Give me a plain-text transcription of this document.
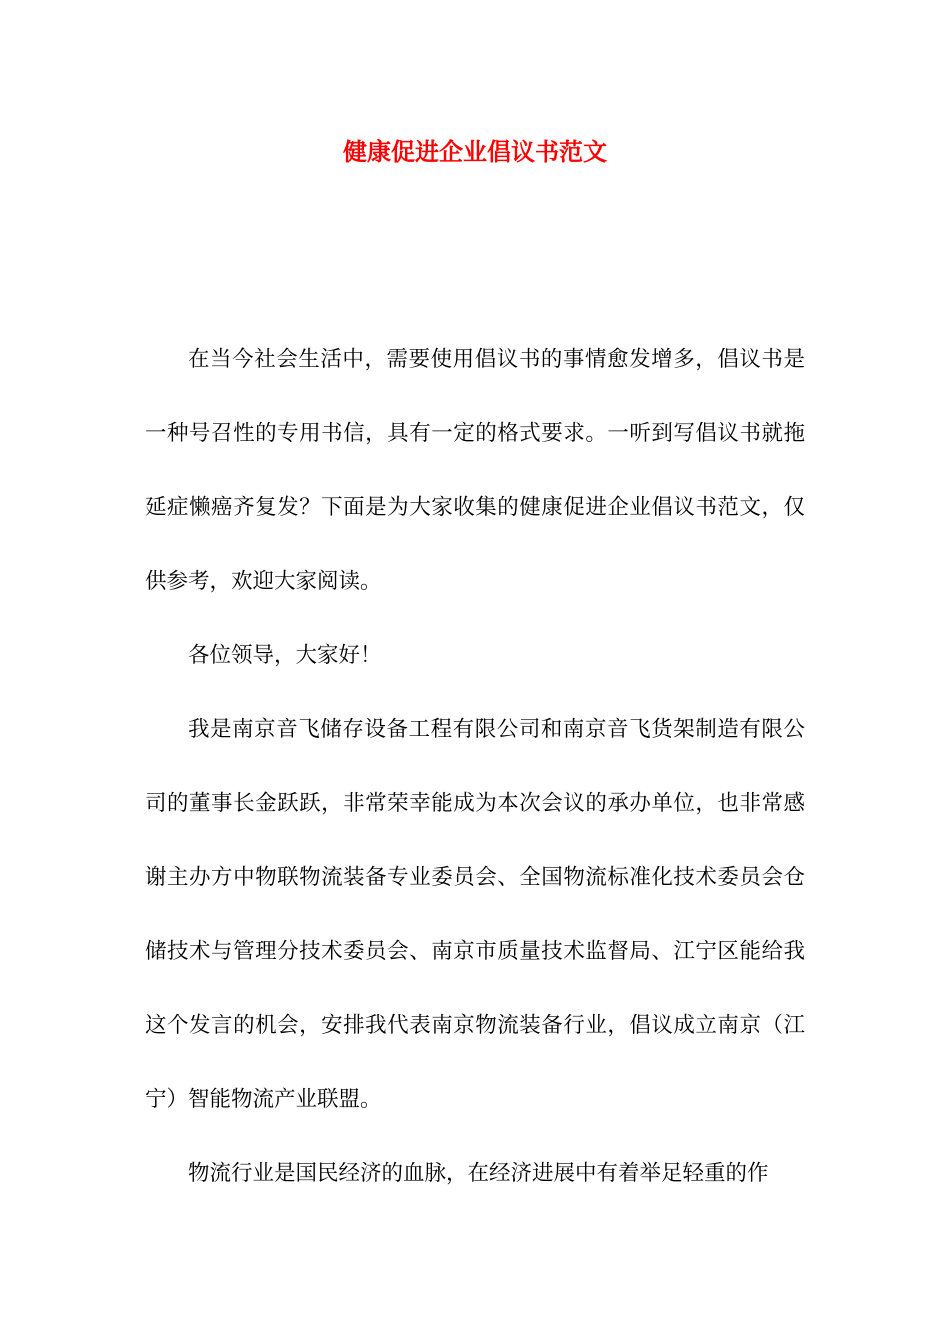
健康促进企业倡议书范文

在当今社会生活中，需要使用倡议书的事情愈发增多，倡议书是一种号召性的专用书信，具有一定的格式要求。一听到写倡议书就拖延症懒癌齐复发？下面是为大家收集的健康促进企业倡议书范文，仅供参考，欢迎大家阅读。

各位领导，大家好！

我是南京音飞储存设备工程有限公司和南京音飞货架制造有限公司的董事长金跃跃，非常荣幸能成为本次会议的承办单位，也非常感谢主办方中物联物流装备专业委员会、全国物流标准化技术委员会仓储技术与管理分技术委员会、南京市质量技术监督局、江宁区能给我这个发言的机会，安排我代表南京物流装备行业，倡议成立南京（江宁）智能物流产业联盟。

物流行业是国民经济的血脉，在经济进展中有着举足轻重的作
